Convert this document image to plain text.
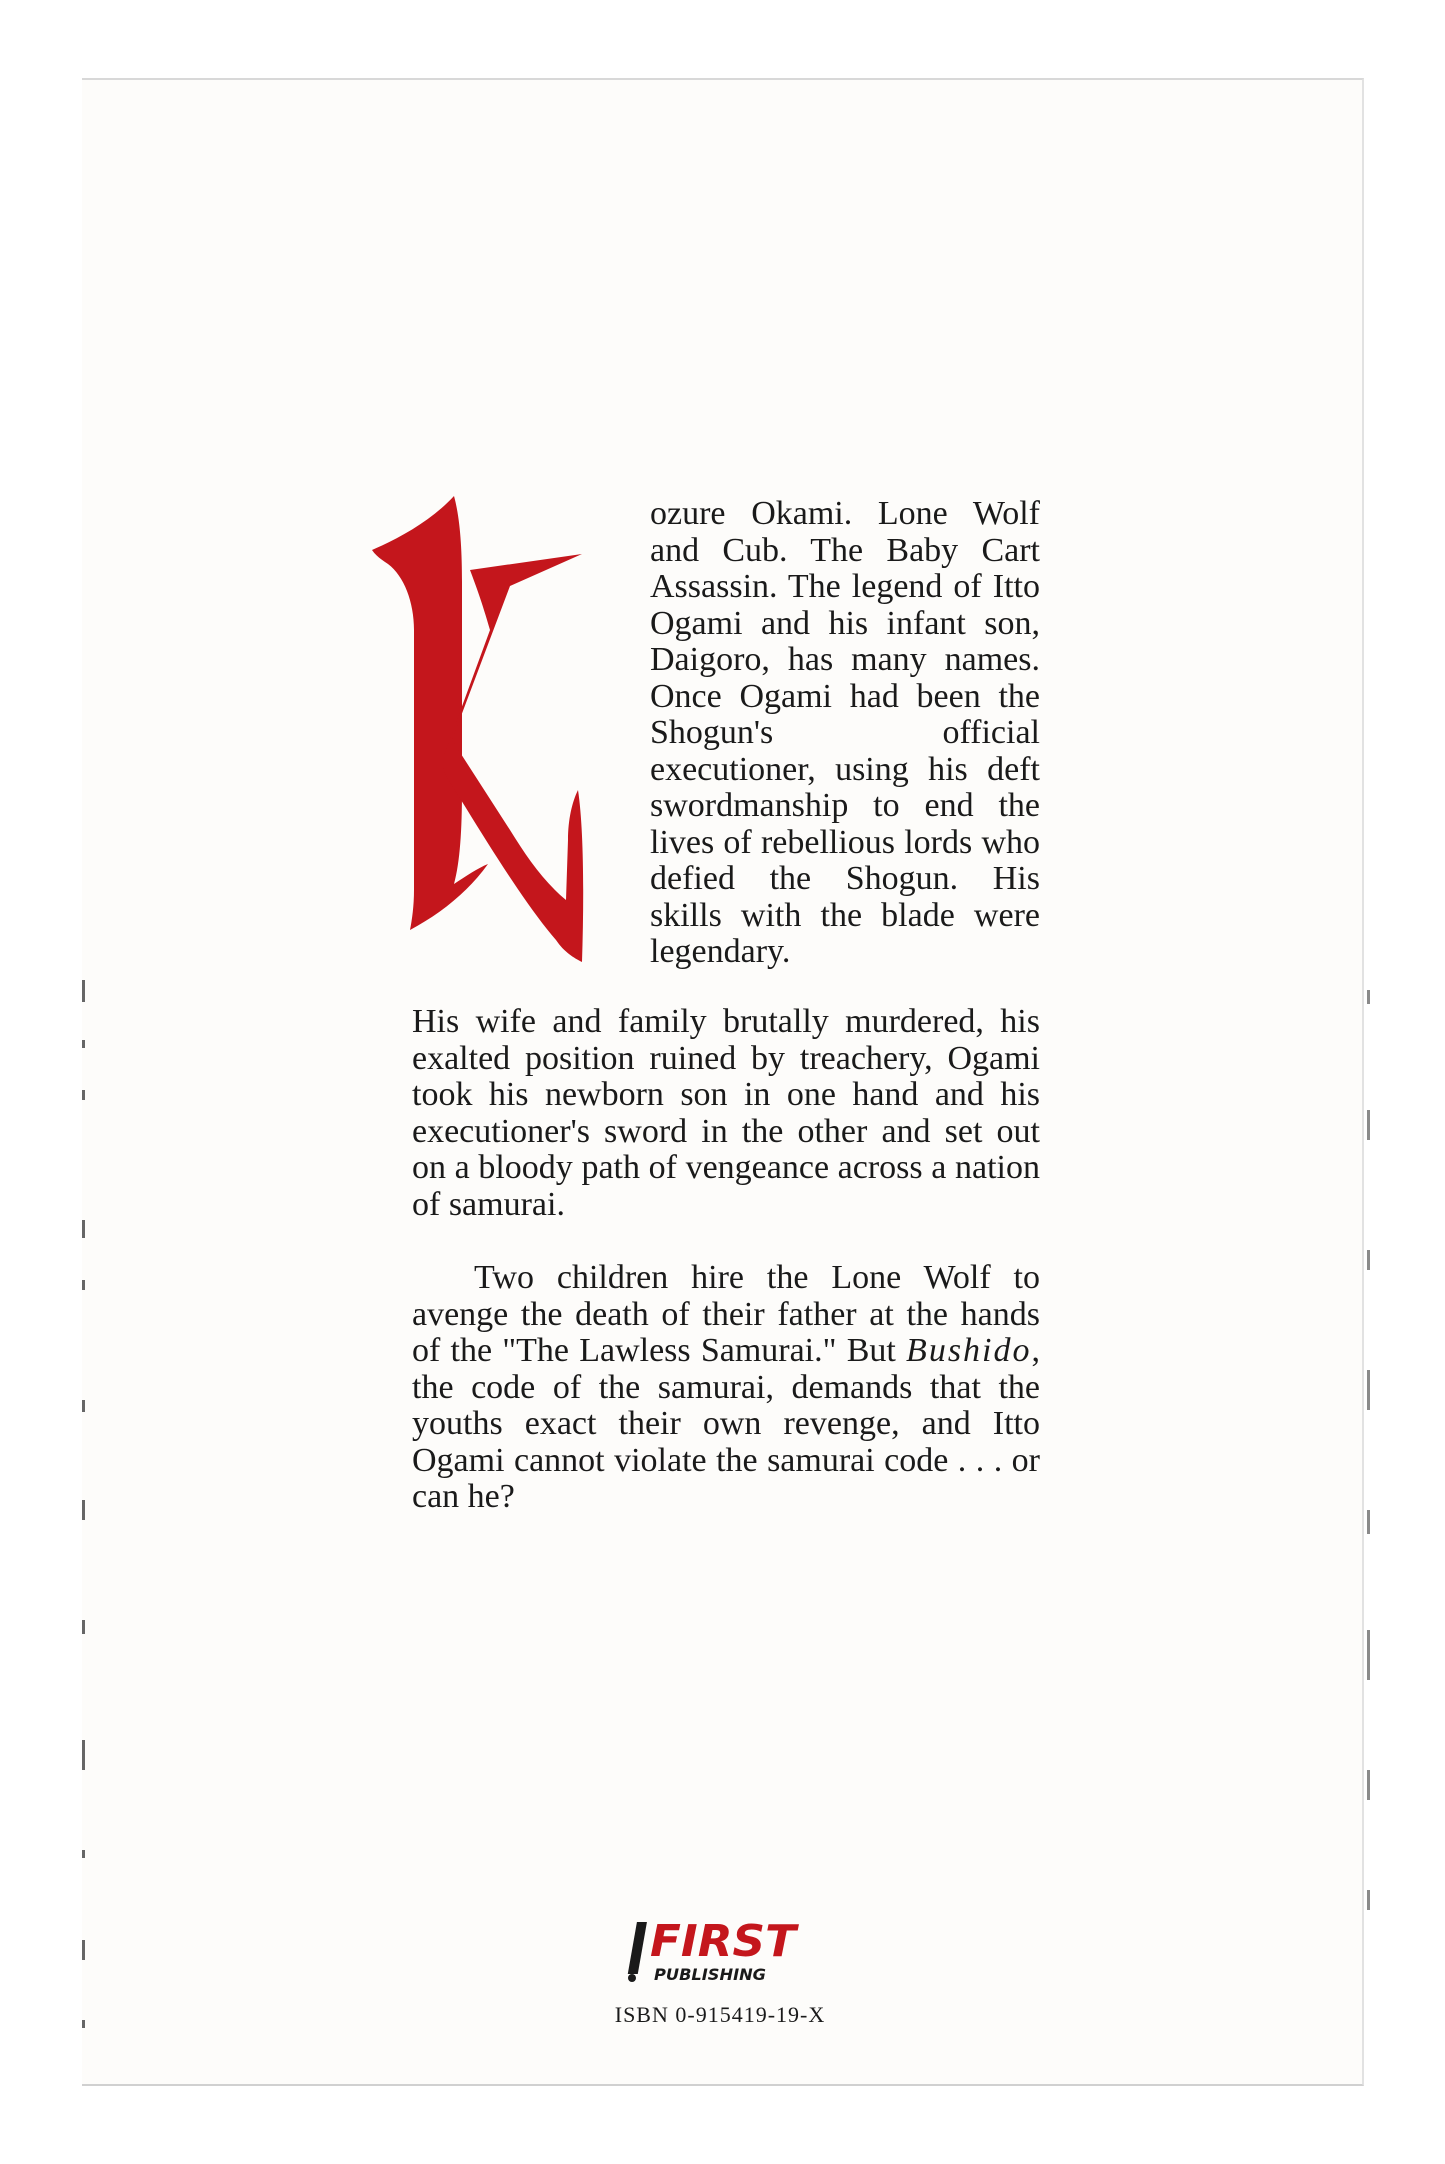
ozure Okami. Lone Wolf and Cub. The Baby Cart Assassin. The legend of Itto Ogami and his infant son, Daigoro, has many names. Once Ogami had been the Shogun's official executioner, using his deft swordmanship to end the lives of rebellious lords who defied the Shogun. His skills with the blade were legendary.

His wife and family brutally murdered, his exalted position ruined by treachery, Ogami took his newborn son in one hand and his executioner's sword in the other and set out on a bloody path of vengeance across a nation of samurai.

Two children hire the Lone Wolf to avenge the death of their father at the hands of the "The Lawless Samurai." But Bushido, the code of the samurai, demands that the youths exact their own revenge, and Itto Ogami cannot violate the samurai code . . . or can he?

FIRST
PUBLISHING
ISBN 0-915419-19-X
